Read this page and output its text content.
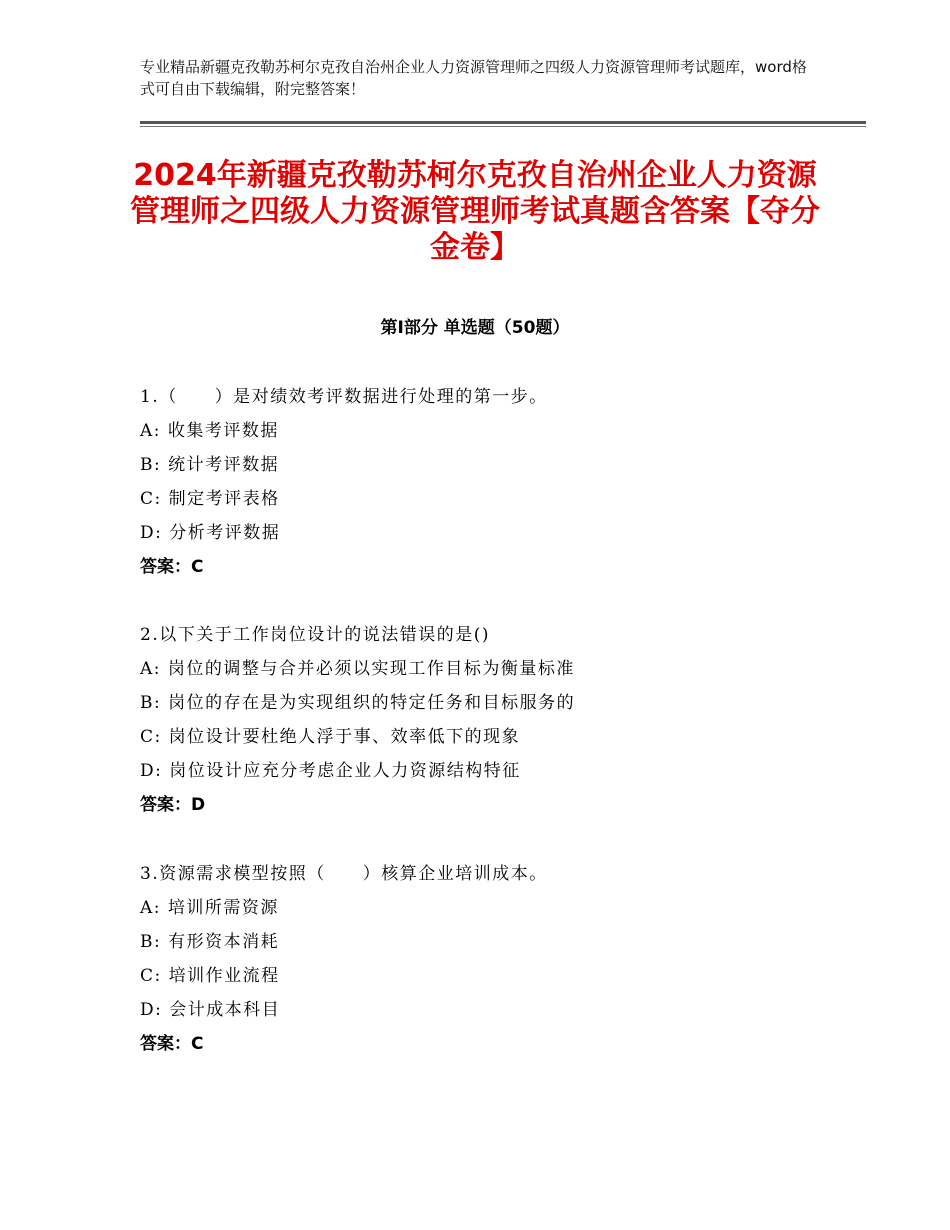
专业精品新疆克孜勒苏柯尔克孜自治州企业人力资源管理师之四级人力资源管理师考试题库，word格式可自由下载编辑，附完整答案！
2024年新疆克孜勒苏柯尔克孜自治州企业人力资源管理师之四级人力资源管理师考试真题含答案【夺分金卷】
第Ⅰ部分 单选题（50题）
1.（　　）是对绩效考评数据进行处理的第一步。
A: 收集考评数据
B: 统计考评数据
C: 制定考评表格
D: 分析考评数据
答案：C
2.以下关于工作岗位设计的说法错误的是()
A: 岗位的调整与合并必须以实现工作目标为衡量标准
B: 岗位的存在是为实现组织的特定任务和目标服务的
C: 岗位设计要杜绝人浮于事、效率低下的现象
D: 岗位设计应充分考虑企业人力资源结构特征
答案：D
3.资源需求模型按照（　　）核算企业培训成本。
A: 培训所需资源
B: 有形资本消耗
C: 培训作业流程
D: 会计成本科目
答案：C
